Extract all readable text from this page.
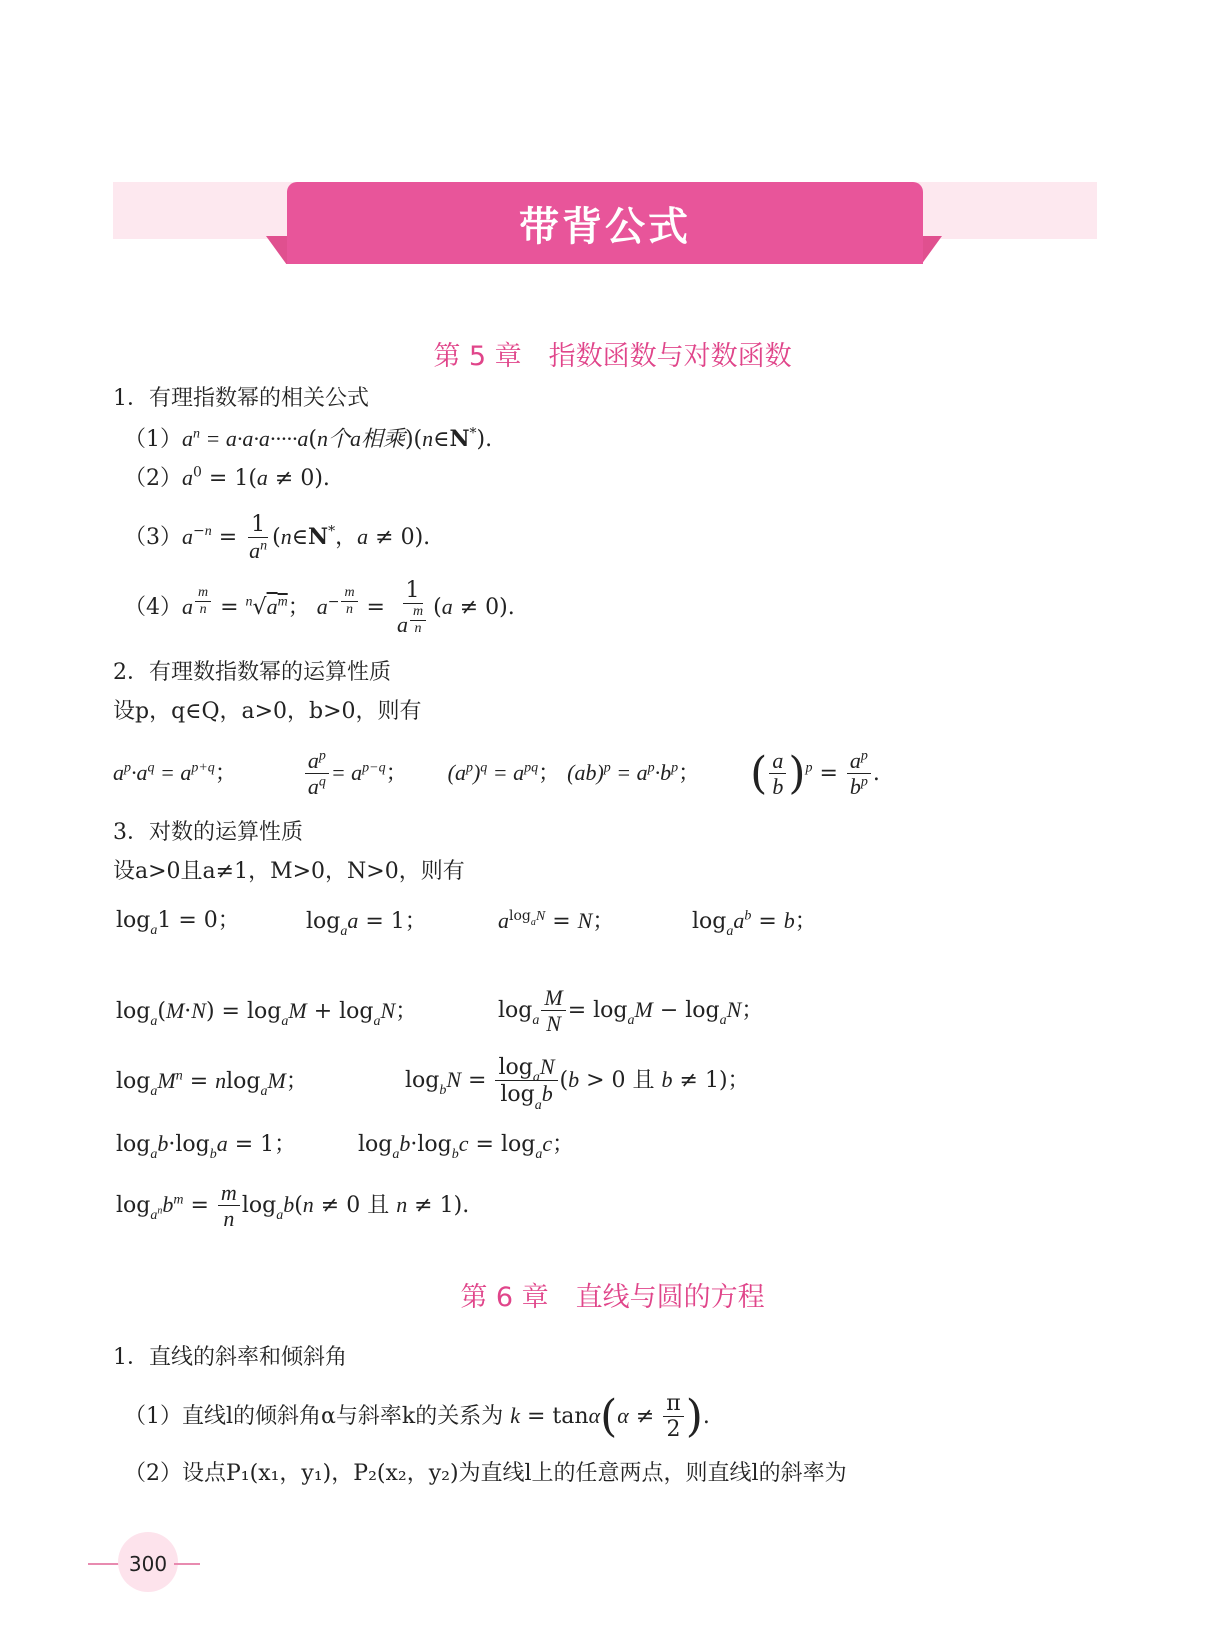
带背公式
第 5 章　指数函数与对数函数
1．有理指数幂的相关公式
$(1)a^n = a\cdot a\cdot a\cdot\cdot\cdot\cdot\cdot a(n$个a相乘)(n∈N*).
$(2)a^0 = 1(a \ne 0)$.
$(3)a^{-n} = \frac{1}{a^n}$ (n∈N*，a ≠ 0).
（4）a $^{\frac{m}{n}} = ^n√a^m$； $a^{- \frac{m}{n}} = 1$
a $^{\frac{m}{n}}$ (a ≠ 0).
2．有理数指数幂的运算性质
设p，q∈Q，a>0，b>0，则有
$a^p\cdot a^q = a^{p+q}$；	$\frac{a^p}{a^q} = a^{p-q}$；  $(a^p)^q = a^{pq}$； $(ab)^p = a^p\cdot b^p$；  ( $\frac{a}{b} )^p = \frac{a^p}{b^p}$ .
3．对数的运算性质
设a>0且a≠1，M>0，N>0，则有
$\log_a1 = 0$；	$\log_aa = 1$；	$a^{log_aN} = N$；	$\log_aa^b = b$；
$\log_a(M\cdot N) = \log_aM + \log_aN$；	$\log_a \frac{M}{N} = \log_aM - \log_aN$；
$\log_aM^n = nlog_aM$；	$\log_bN = \frac{\log_aN}{\log_ab} (b > 0$ 且 b ≠ 1)；
$\log_ab\cdot\log_ba = 1$；	$\log_ab\cdot\log_bc = \log_ac$；
$\log_{a^n}b^m = \frac{m}{n} \log_ab(n \ne 0$ 且 n ≠ 1).
第 6 章　直线与圆的方程
1．直线的斜率和倾斜角
（1）直线l的倾斜角α与斜率k的关系为 $k = \tan\alpha(\alpha \ne \frac{\pi}{2}$ ).
（2）设点P₁(x₁，y₁)，P₂(x₂，y₂)为直线l上的任意两点，则直线l的斜率为
300
